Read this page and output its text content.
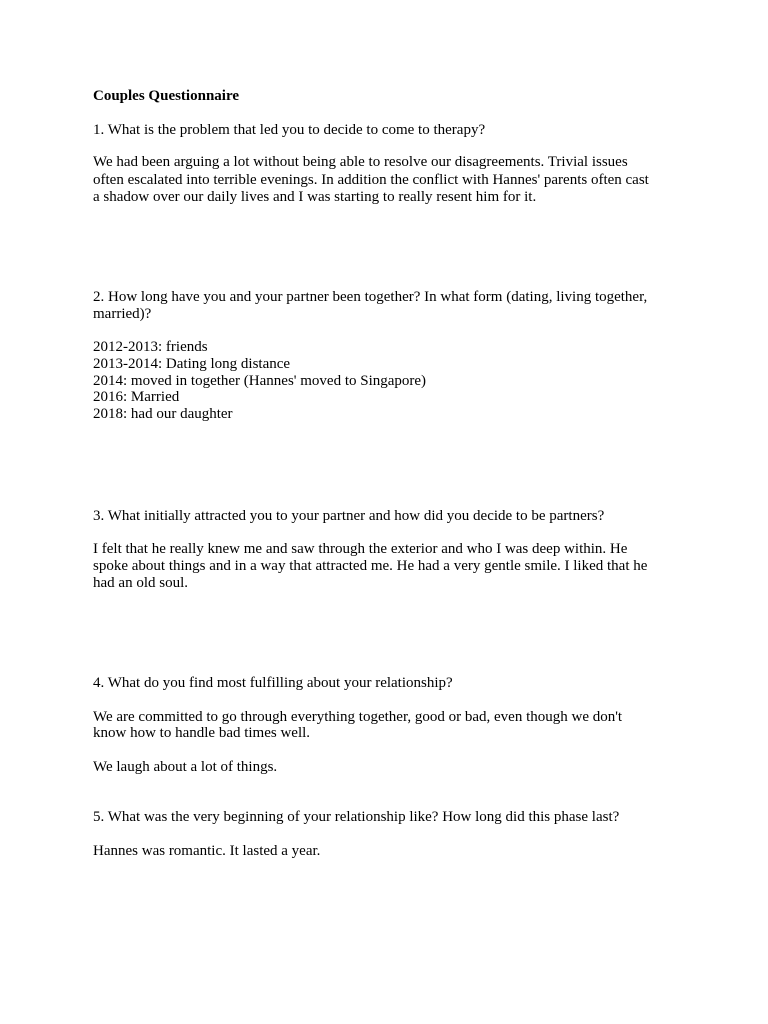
Couples Questionnaire

1. What is the problem that led you to decide to come to therapy?

We had been arguing a lot without being able to resolve our disagreements. Trivial issues

often escalated into terrible evenings. In addition the conflict with Hannes' parents often cast

a shadow over our daily lives and I was starting to really resent him for it.

2. How long have you and your partner been together? In what form (dating, living together,

married)?

2012-2013: friends

2013-2014: Dating long distance

2014: moved in together (Hannes' moved to Singapore)

2016: Married

2018: had our daughter

3. What initially attracted you to your partner and how did you decide to be partners?

I felt that he really knew me and saw through the exterior and who I was deep within. He

spoke about things and in a way that attracted me. He had a very gentle smile. I liked that he

had an old soul.

4. What do you find most fulfilling about your relationship?

We are committed to go through everything together, good or bad, even though we don't

know how to handle bad times well.

We laugh about a lot of things.

5. What was the very beginning of your relationship like? How long did this phase last?

Hannes was romantic. It lasted a year.
